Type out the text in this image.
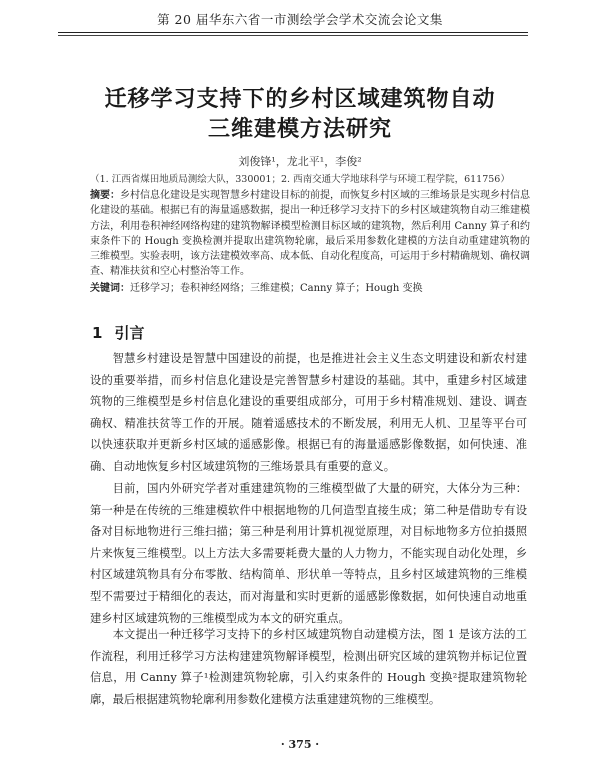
第 20 届华东六省一市测绘学会学术交流会论文集
迁移学习支持下的乡村区域建筑物自动
三维建模方法研究
刘俊锋¹，龙北平¹，李俊²
（1. 江西省煤田地质局测绘大队，330001；2. 西南交通大学地球科学与环境工程学院，611756）

摘要：乡村信息化建设是实现智慧乡村建设目标的前提，而恢复乡村区域的三维场景是实现乡村信息化建设的基础。根据已有的海量遥感数据，提出一种迁移学习支持下的乡村区域建筑物自动三维建模方法，利用卷积神经网络构建的建筑物解译模型检测目标区域的建筑物，然后利用 Canny 算子和约束条件下的 Hough 变换检测并提取出建筑物轮廓，最后采用参数化建模的方法自动重建建筑物的三维模型。实验表明，该方法建模效率高、成本低、自动化程度高，可运用于乡村精确规划、确权调查、精准扶贫和空心村整治等工作。

关键词：迁移学习；卷积神经网络；三维建模；Canny 算子；Hough 变换

1 引言

智慧乡村建设是智慧中国建设的前提，也是推进社会主义生态文明建设和新农村建设的重要举措，而乡村信息化建设是完善智慧乡村建设的基础。其中，重建乡村区域建筑物的三维模型是乡村信息化建设的重要组成部分，可用于乡村精准规划、建设、调查确权、精准扶贫等工作的开展。随着遥感技术的不断发展，利用无人机、卫星等平台可以快速获取并更新乡村区域的遥感影像。根据已有的海量遥感影像数据，如何快速、准确、自动地恢复乡村区域建筑物的三维场景具有重要的意义。

目前，国内外研究学者对重建建筑物的三维模型做了大量的研究，大体分为三种：第一种是在传统的三维建模软件中根据地物的几何造型直接生成；第二种是借助专有设备对目标地物进行三维扫描；第三种是利用计算机视觉原理，对目标地物多方位拍摄照片来恢复三维模型。以上方法大多需要耗费大量的人力物力，不能实现自动化处理，乡村区域建筑物具有分布零散、结构简单、形状单一等特点，且乡村区域建筑物的三维模型不需要过于精细化的表达，而对海量和实时更新的遥感影像数据，如何快速自动地重建乡村区域建筑物的三维模型成为本文的研究重点。

本文提出一种迁移学习支持下的乡村区域建筑物自动建模方法，图 1 是该方法的工作流程，利用迁移学习方法构建建筑物解译模型，检测出研究区域的建筑物并标记位置信息，用 Canny 算子¹检测建筑物轮廓，引入约束条件的 Hough 变换²提取建筑物轮廓，最后根据建筑物轮廓利用参数化建模方法重建建筑物的三维模型。

· 375 ·
